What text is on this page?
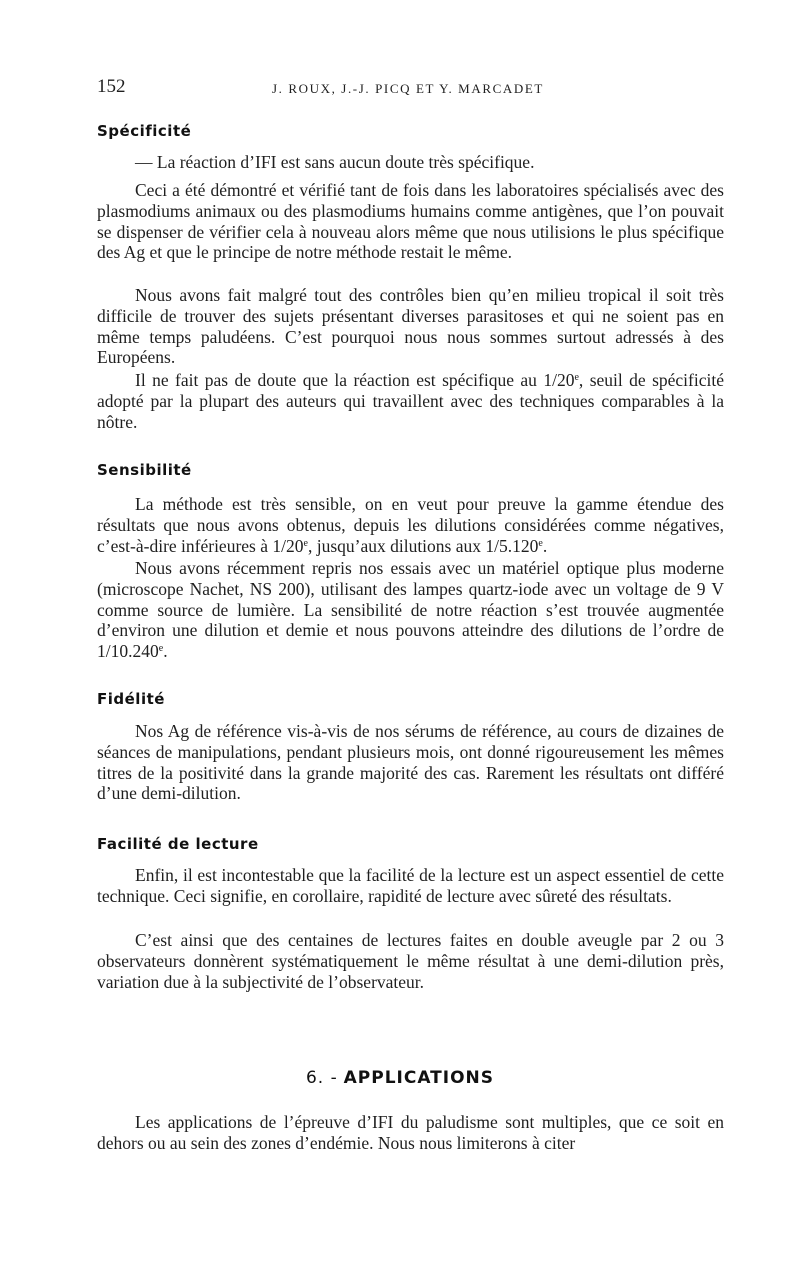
152	J. ROUX, J.-J. PICQ ET Y. MARCADET
Spécificité

— La réaction d’IFI est sans aucun doute très spécifique.

Ceci a été démontré et vérifié tant de fois dans les laboratoires spécialisés avec des plasmodiums animaux ou des plasmodiums humains comme antigènes, que l’on pouvait se dispenser de vérifier cela à nouveau alors même que nous utilisions le plus spécifique des Ag et que le principe de notre méthode restait le même.

Nous avons fait malgré tout des contrôles bien qu’en milieu tropical il soit très difficile de trouver des sujets présentant diverses parasitoses et qui ne soient pas en même temps paludéens. C’est pourquoi nous nous sommes surtout adressés à des Européens.

Il ne fait pas de doute que la réaction est spécifique au 1/20e, seuil de spécificité adopté par la plupart des auteurs qui travaillent avec des techniques comparables à la nôtre.

Sensibilité

La méthode est très sensible, on en veut pour preuve la gamme étendue des résultats que nous avons obtenus, depuis les dilutions considérées comme négatives, c’est-à-dire inférieures à 1/20e, jusqu’aux dilutions aux 1/5.120e.

Nous avons récemment repris nos essais avec un matériel optique plus moderne (microscope Nachet, NS 200), utilisant des lampes quartz-iode avec un voltage de 9 V comme source de lumière. La sensibilité de notre réaction s’est trouvée augmentée d’environ une dilution et demie et nous pouvons atteindre des dilutions de l’ordre de 1/10.240e.

Fidélité

Nos Ag de référence vis-à-vis de nos sérums de référence, au cours de dizaines de séances de manipulations, pendant plusieurs mois, ont donné rigoureusement les mêmes titres de la positivité dans la grande majorité des cas. Rarement les résultats ont différé d’une demi-dilution.

Facilité de lecture

Enfin, il est incontestable que la facilité de la lecture est un aspect essentiel de cette technique. Ceci signifie, en corollaire, rapidité de lecture avec sûreté des résultats.

C’est ainsi que des centaines de lectures faites en double aveugle par 2 ou 3 observateurs donnèrent systématiquement le même résultat à une demi-dilution près, variation due à la subjectivité de l’observateur.

6. - APPLICATIONS

Les applications de l’épreuve d’IFI du paludisme sont multiples, que ce soit en dehors ou au sein des zones d’endémie. Nous nous limiterons à citer
